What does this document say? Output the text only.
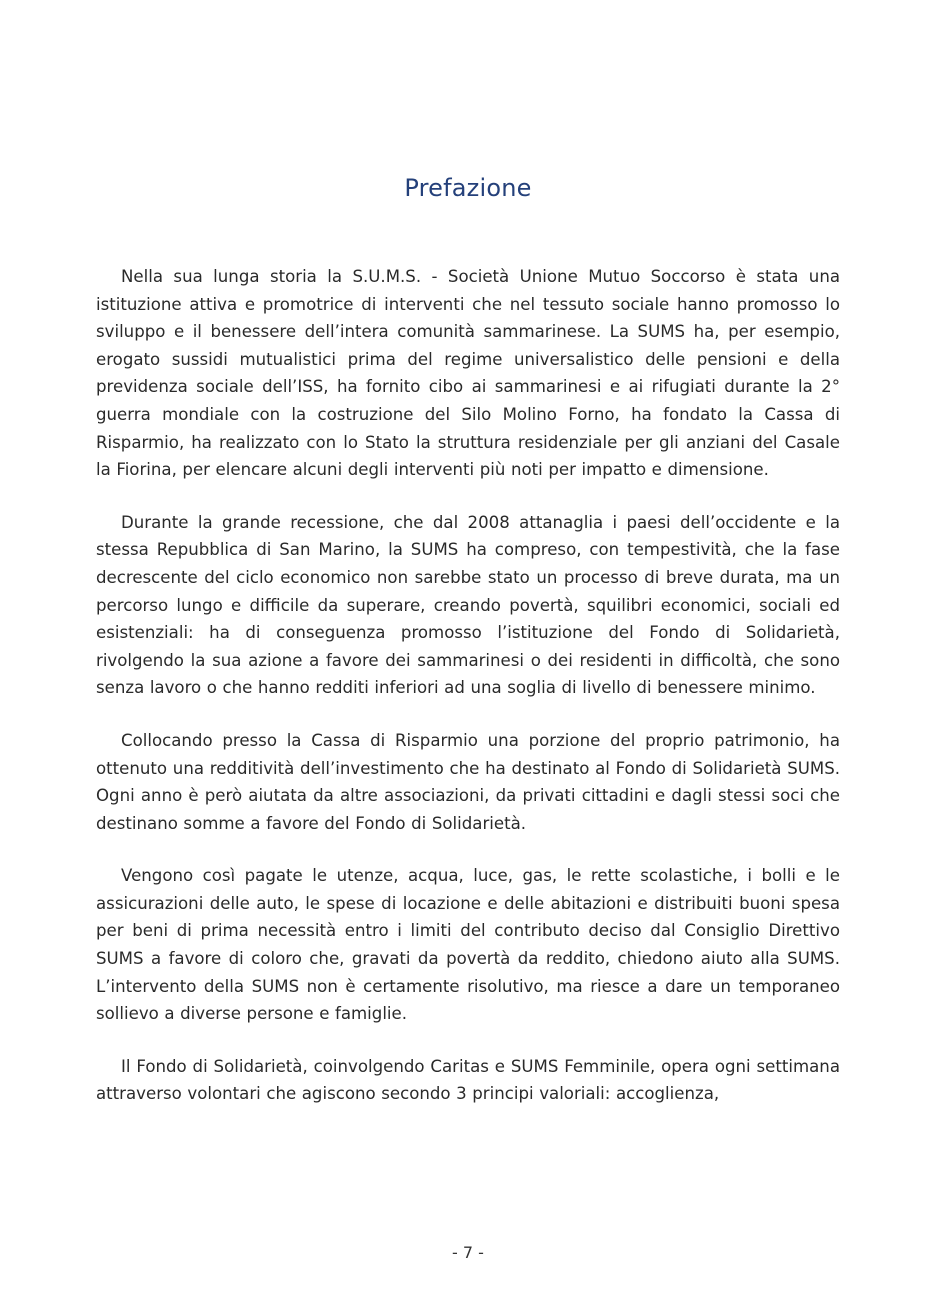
Prefazione

Nella sua lunga storia la S.U.M.S. - Società Unione Mutuo Soccorso è stata una istituzione attiva e promotrice di interventi che nel tessuto sociale hanno promosso lo sviluppo e il benessere dell’intera comunità sammarinese. La SUMS ha, per esempio, erogato sussidi mutualistici prima del regime universalistico delle pensioni e della previdenza sociale dell’ISS, ha fornito cibo ai sammarinesi e ai rifugiati durante la 2° guerra mondiale con la costruzione del Silo Molino Forno, ha fondato la Cassa di Risparmio, ha realizzato con lo Stato la struttura residenziale per gli anziani del Casale la Fiorina, per elencare alcuni degli interventi più noti per impatto e dimensione.

Durante la grande recessione, che dal 2008 attanaglia i paesi dell’occidente e la stessa Repubblica di San Marino, la SUMS ha compreso, con tempestività, che la fase decrescente del ciclo economico non sarebbe stato un processo di breve durata, ma un percorso lungo e difficile da superare, creando povertà, squilibri economici, sociali ed esistenziali: ha di conseguenza promosso l’istituzione del Fondo di Solidarietà, rivolgendo la sua azione a favore dei sammarinesi o dei residenti in difficoltà, che sono senza lavoro o che hanno redditi inferiori ad una soglia di livello di benessere minimo.

Collocando presso la Cassa di Risparmio una porzione del proprio patrimonio, ha ottenuto una redditività dell’investimento che ha destinato al Fondo di Solidarietà SUMS. Ogni anno è però aiutata da altre associazioni, da privati cittadini e dagli stessi soci che destinano somme a favore del Fondo di Solidarietà.

Vengono così pagate le utenze, acqua, luce, gas, le rette scolastiche, i bolli e le assicurazioni delle auto, le spese di locazione e delle abitazioni e distribuiti buoni spesa per beni di prima necessità entro i limiti del contributo deciso dal Consiglio Direttivo SUMS a favore di coloro che, gravati da povertà da reddito, chiedono aiuto alla SUMS. L’intervento della SUMS non è certamente risolutivo, ma riesce a dare un temporaneo sollievo a diverse persone e famiglie.

Il Fondo di Solidarietà, coinvolgendo Caritas e SUMS Femminile, opera ogni settimana attraverso volontari che agiscono secondo 3 principi valoriali: accoglienza,

- 7 -
